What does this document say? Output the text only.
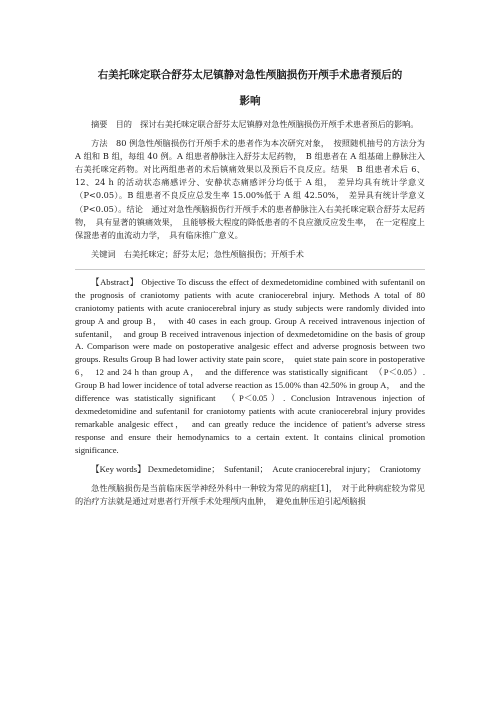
右美托咪定联合舒芬太尼镇静对急性颅脑损伤开颅手术患者预后的
影响

摘要　目的　探讨右美托咪定联合舒芬太尼镇静对急性颅脑损伤开颅手术患者预后的影响。

方法　80 例急性颅脑损伤行开颅手术的患者作为本次研究对象，　按照随机抽号的方法分为 A 组和 B 组，每组 40 例。A 组患者静脉注入舒芬太尼药物，　B 组患者在 A 组基础上静脉注入右美托咪定药物。对比两组患者的术后镇痛效果以及预后不良反应。结果　B 组患者术后 6、12、24 h 的活动状态痛感评分、安静状态痛感评分均低于 A 组，　差异均具有统计学意义（P<0.05）。B 组患者不良反应总发生率 15.00%低于 A 组 42.50%，　差异具有统计学意义（P<0.05）。结论　通过对急性颅脑损伤行开颅手术的患者静脉注入右美托咪定联合舒芬太尼药物，　具有显著的镇痛效果，　且能够极大程度的降低患者的不良应激反应发生率，　在一定程度上保證患者的血流动力学，　具有临床推广意义。

关键词　右美托咪定；舒芬太尼；急性颅脑损伤；开颅手术

【Abstract】 Objective To discuss the effect of dexmedetomidine combined with sufentanil on the prognosis of craniotomy patients with acute craniocerebral injury. Methods A total of 80 craniotomy patients with acute craniocerebral injury as study subjects were randomly divided into group A and group B，　with 40 cases in each group. Group A received intravenous injection of sufentanil，　and group B received intravenous injection of dexmedetomidine on the basis of group A. Comparison were made on postoperative analgesic effect and adverse prognosis between two groups. Results Group B had lower activity state pain score，　quiet state pain score in postoperative 6，　12 and 24 h than group A，　and the difference was statistically significant　（P＜0.05）. Group B had lower incidence of total adverse reaction as 15.00% than 42.50% in group A，　and the difference was statistically significant　（P＜0.05）. Conclusion Intravenous injection of dexmedetomidine and sufentanil for craniotomy patients with acute craniocerebral injury provides remarkable analgesic effect，　and can greatly reduce the incidence of patient’s adverse stress response and ensure their hemodynamics to a certain extent. It contains clinical promotion significance.

【Key words】 Dexmedetomidine；　Sufentanil；　Acute craniocerebral injury；　Craniotomy

急性颅脑损伤是当前临床医学神经外科中一种较为常见的病症[1]，　对于此种病症较为常见的治疗方法就是通过对患者行开颅手术处理颅内血肿，　避免血肿压迫引起颅脑损
